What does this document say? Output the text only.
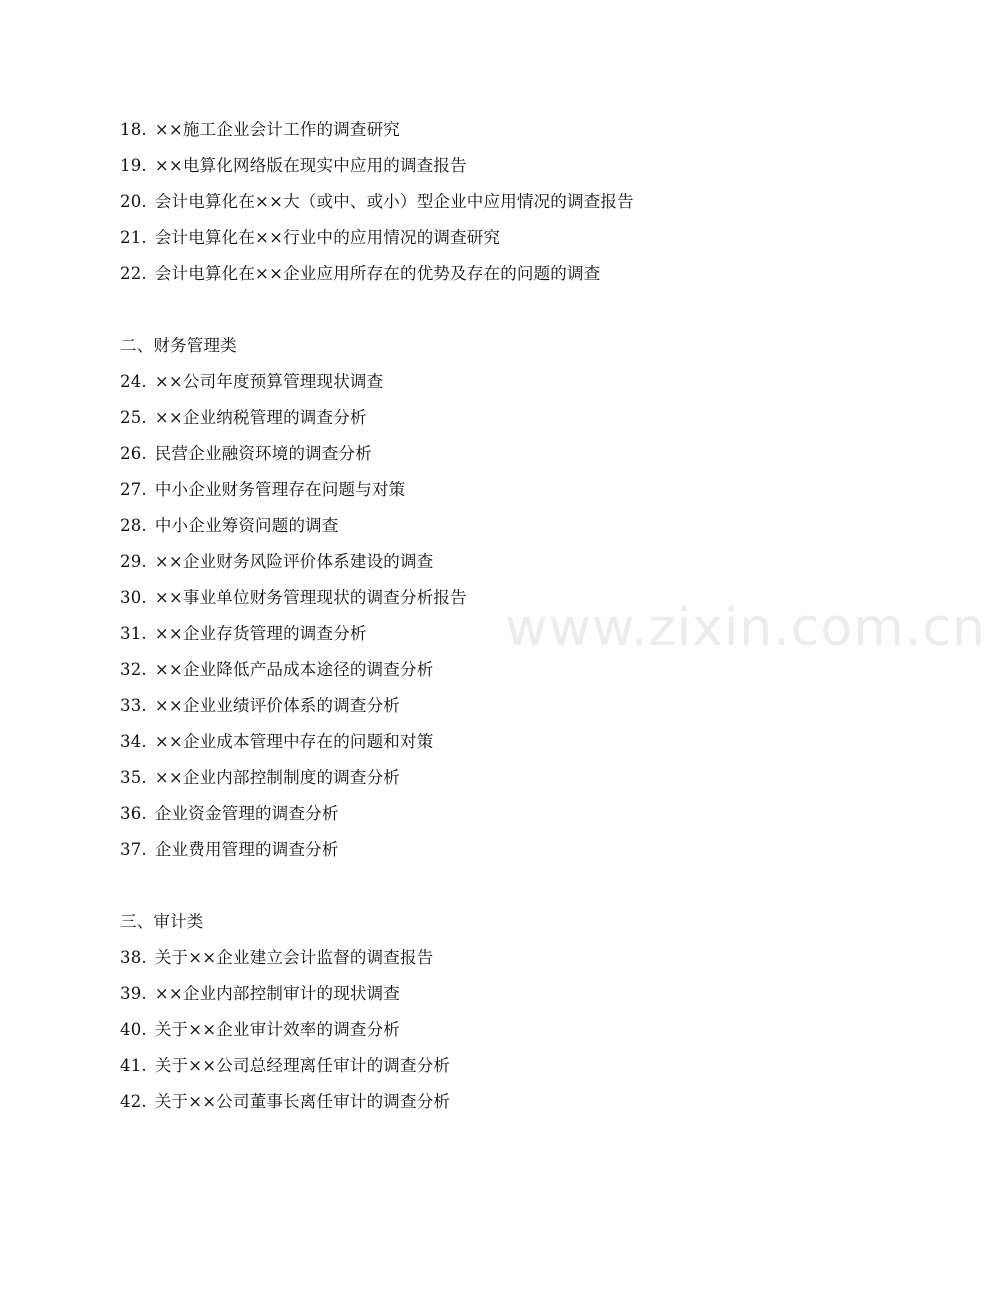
www.zixin.com.cn
18. ××施工企业会计工作的调查研究
19. ××电算化网络版在现实中应用的调查报告
20. 会计电算化在××大（或中、或小）型企业中应用情况的调查报告
21. 会计电算化在××行业中的应用情况的调查研究
22. 会计电算化在××企业应用所存在的优势及存在的问题的调查
二、财务管理类
24. ××公司年度预算管理现状调查
25. ××企业纳税管理的调查分析
26. 民营企业融资环境的调查分析
27. 中小企业财务管理存在问题与对策
28. 中小企业筹资问题的调查
29. ××企业财务风险评价体系建设的调查
30. ××事业单位财务管理现状的调查分析报告
31. ××企业存货管理的调查分析
32. ××企业降低产品成本途径的调查分析
33. ××企业业绩评价体系的调查分析
34. ××企业成本管理中存在的问题和对策
35. ××企业内部控制制度的调查分析
36. 企业资金管理的调查分析
37. 企业费用管理的调查分析
三、审计类
38. 关于××企业建立会计监督的调查报告
39. ××企业内部控制审计的现状调查
40. 关于××企业审计效率的调查分析
41. 关于××公司总经理离任审计的调查分析
42. 关于××公司董事长离任审计的调查分析
